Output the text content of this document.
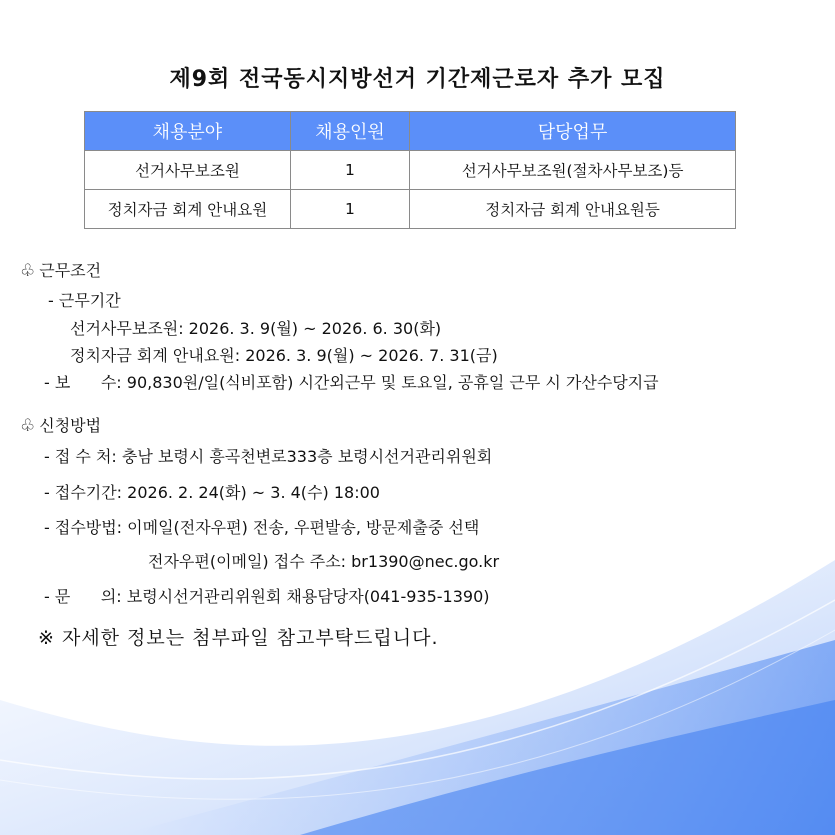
제9회 전국동시지방선거 기간제근로자 추가 모집
채용분야	채용인원	담당업무
선거사무보조원	1	선거사무보조원(절차사무보조)등
정치자금 회계 안내요원	1	정치자금 회계 안내요원등
♧ 근무조건
- 근무기간
선거사무보조원: 2026. 3. 9(월) ~ 2026. 6. 30(화)
정치자금 회계 안내요원: 2026. 3. 9(월) ~ 2026. 7. 31(금)
- 보      수: 90,830원/일(식비포함) 시간외근무 및 토요일, 공휴일 근무 시 가산수당지급
♧ 신청방법
- 접 수 처: 충남 보령시 흥곡천변로333층 보령시선거관리위원회
- 접수기간: 2026. 2. 24(화) ~ 3. 4(수) 18:00
- 접수방법: 이메일(전자우편) 전송, 우편발송, 방문제출중 선택
전자우편(이메일) 접수 주소: br1390@nec.go.kr
- 문      의: 보령시선거관리위원회 채용담당자(041-935-1390)
※ 자세한 정보는 첨부파일 참고부탁드립니다.
